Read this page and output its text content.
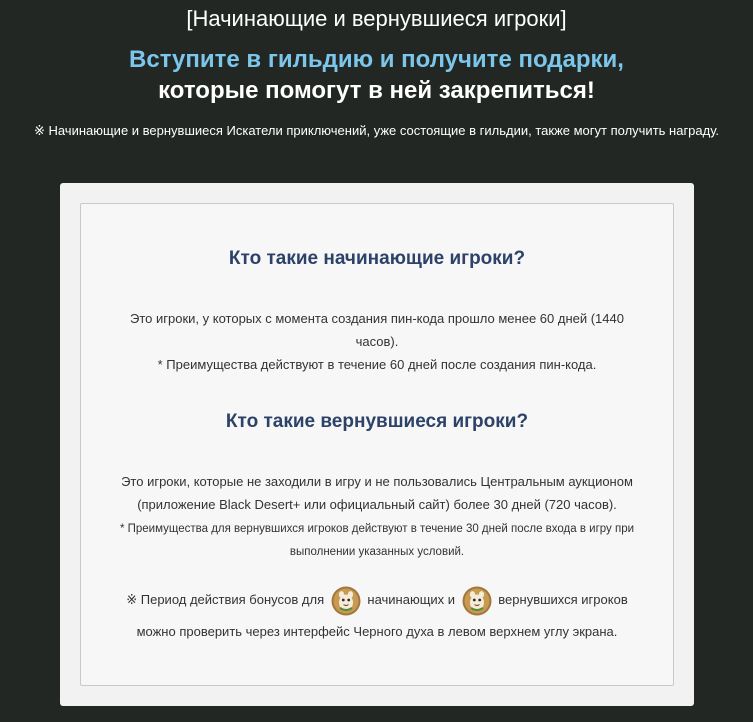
[Начинающие и вернувшиеся игроки]
Вступите в гильдию и получите подарки,
которые помогут в ней закрепиться!
※ Начинающие и вернувшиеся Искатели приключений, уже состоящие в гильдии, также могут получить награду.
Кто такие начинающие игроки?
Это игроки, у которых с момента создания пин-кода прошло менее 60 дней (1440
часов).
* Преимущества действуют в течение 60 дней после создания пин-кода.
Кто такие вернувшиеся игроки?
Это игроки, которые не заходили в игру и не пользовались Центральным аукционом
(приложение Black Desert+ или официальный сайт) более 30 дней (720 часов).
* Преимущества для вернувшихся игроков действуют в течение 30 дней после входа в игру при
выполнении указанных условий.
※ Период действия бонусов для	начинающих и	вернувшихся игроков
можно проверить через интерфейс Черного духа в левом верхнем углу экрана.
